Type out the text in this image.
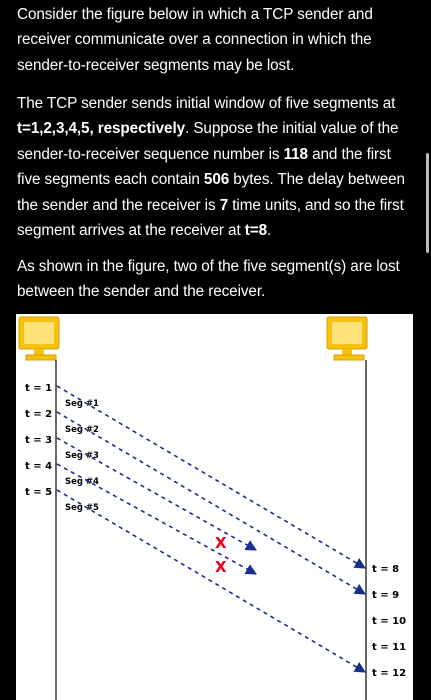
Consider the figure below in which a TCP sender and receiver communicate over a connection in which the sender-to-receiver segments may be lost.
The TCP sender sends initial window of five segments at t=1,2,3,4,5, respectively. Suppose the initial value of the sender-to-receiver sequence number is 118 and the first five segments each contain 506 bytes. The delay between the sender and the receiver is 7 time units, and so the first segment arrives at the receiver at t=8.
As shown in the figure, two of the five segment(s) are lost between the sender and the receiver.
t = 1
t = 2
t = 3
t = 4
t = 5
Seg #1
Seg #2
Seg #3
X
Seg #4
X
Seg #5
t = 8
t = 9
t = 10
t = 11
t = 12
